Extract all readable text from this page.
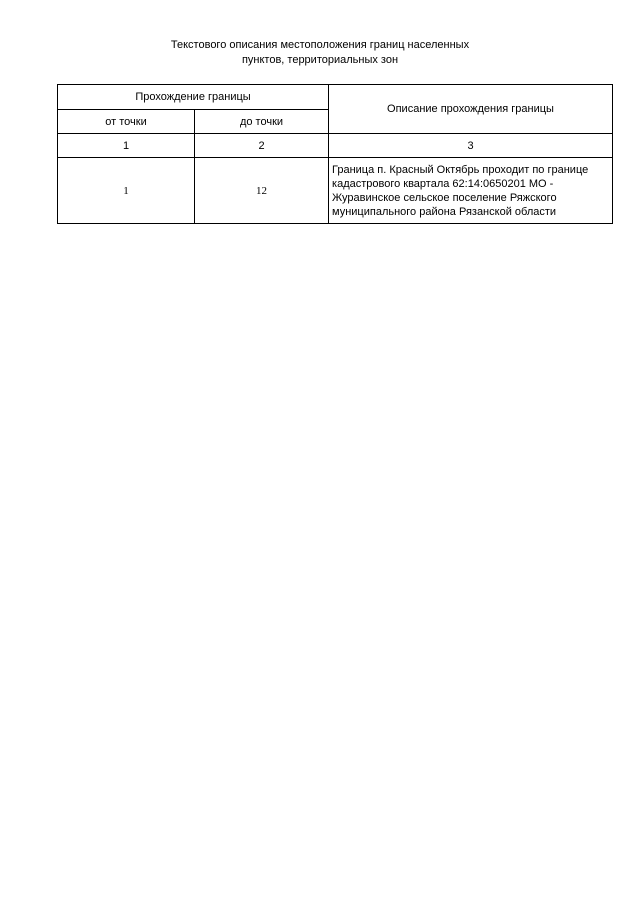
Текстового описания местоположения границ населенных
пунктов, территориальных зон
Прохождение границы		Описание прохождения границы
от точки	до точки	
1	2	3
1	12	Граница п. Красный Октябрь проходит по границе
кадастрового квартала 62:14:0650201 МО -
Журавинское сельское поселение Ряжского
муниципального района Рязанской области
